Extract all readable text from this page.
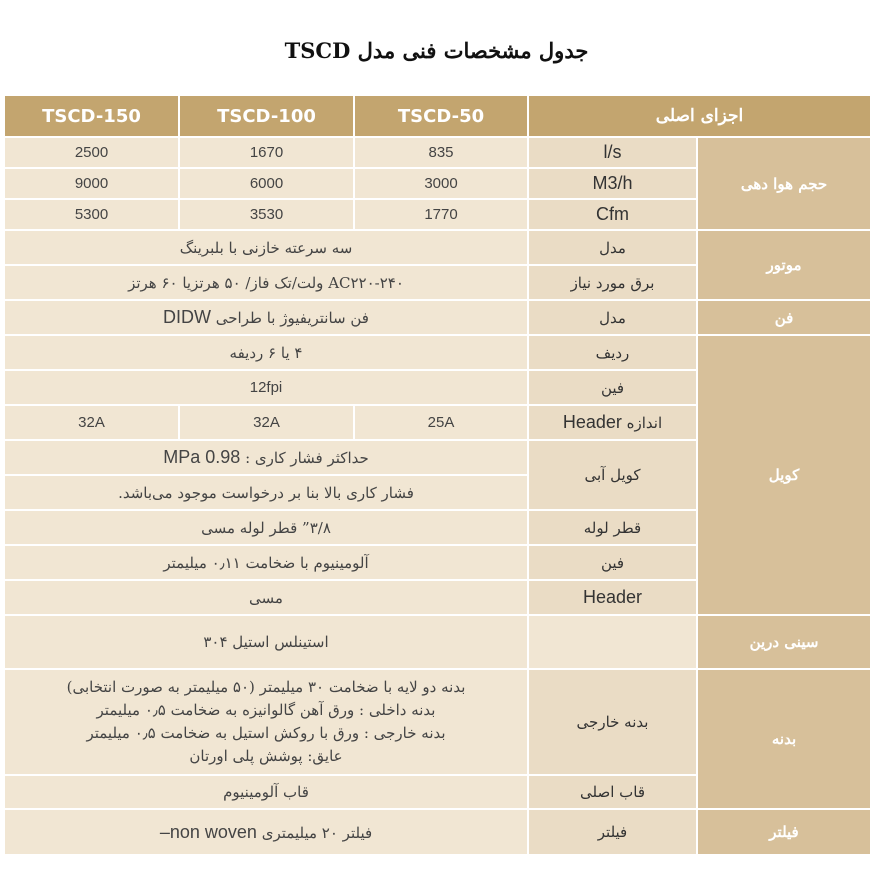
جدول مشخصات فنی مدل TSCD
TSCD-150	TSCD-100	TSCD-50	اجزای اصلی	
2500	1670	835	l/s	حجم هوا دهی
9000	6000	3000	M3/h	
5300	3530	1770	Cfm	
سه سرعته خازنی با بلبرینگ			مدل	موتور
۲۴۰-AC۲۲۰ ولت/تک فاز/ ۵۰ هرتزیا ۶۰ هرتز			برق مورد نیاز	
فن سانتریفیوژ با طراحی DIDW			مدل	فن
۴ یا ۶ ردیفه			ردیف	کویل
12fpi			فین	
32A	32A	25A	اندازه Header	
حداکثر فشار کاری : 0.98 MPa			کویل آبی	
فشار کاری بالا بنا بر درخواست موجود می‌باشد.				
۳/۸” قطر لوله مسی			قطر لوله	
آلومینیوم با ضخامت ۰٫۱۱ میلیمتر			فین	
مسی			Header	
استینلس استیل ۳۰۴				سینی درین

بدنه دو لایه با ضخامت ۳۰ میلیمتر (۵۰ میلیمتر به صورت انتخابی)
بدنه داخلی : ورق آهن گالوانیزه به ضخامت ۰٫۵ میلیمتر
بدنه خارجی : ورق با روکش استیل به ضخامت ۰٫۵ میلیمتر
عایق: پوشش پلی اورتان			بدنه خارجی	بدنه
قاب آلومینیوم			قاب اصلی	
فیلتر ۲۰ میلیمتری non woven–			فیلتر	فیلتر
